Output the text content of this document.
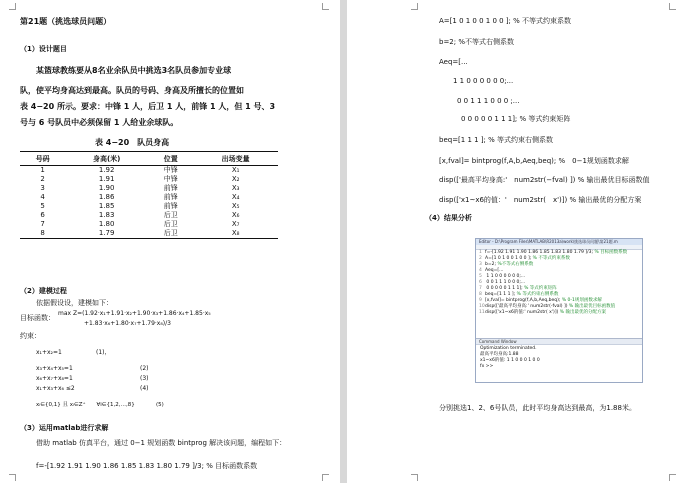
第21题（挑选球员问题）
（1）设计题目
某篮球教练要从8名业余队员中挑选3名队员参加专业球
队，使平均身高达到最高。队员的号码、身高及所擅长的位置如
表 4−20 所示。要求：中锋 1 人，后卫 1 人，前锋 1 人，但 1 号、3
号与 6 号队员中必须保留 1 人给业余球队。
表 4−20　队员身高
号码	身高(米)	位置	出场变量
1	1.92	中锋	X₁
2	1.91	中锋	X₂
3	1.90	前锋	X₃
4	1.86	前锋	X₄
5	1.85	前锋	X₅
6	1.83	后卫	X₆
7	1.80	后卫	X₇
8	1.79	后卫	X₈
（2）建模过程
依据假设设，建模如下：
目标函数：
max Z=(1.92·x₁+1.91·x₂+1.90·x₃+1.86·x₄+1.85·x₅
+1.83·x₆+1.80·x₇+1.79·x₈)/3
约束：
x₁+x₂=1	(1)，
x₃+x₄+x₅=1	(2)
x₆+x₇+x₈=1	(3)
x₁+x₃+x₆ ≤2	(4)
xᵢ∈{0,1} 且 xᵢ∈Z⁺　　∀i∈{1,2,…,8}	(5)
（3）运用matlab进行求解
借助 matlab 仿真平台，通过 0−1 规划函数 bintprog 解决该问题，编程如下：
f=-[1.92 1.91 1.90 1.86 1.85 1.83 1.80 1.79 ]/3; % 目标函数系数
A=[1 0 1 0 0 1 0 0 ]; % 不等式约束系数
b=2; %不等式右侧系数
Aeq=[...
1 1 0 0 0 0 0 0;...
0 0 1 1 1 0 0 0 ;...
0 0 0 0 0 1 1 1]; % 等式约束矩阵
beq=[1 1 1 ]; % 等式约束右侧系数
[x,fval]= bintprog(f,A,b,Aeq,beq); %　0−1规划函数求解
disp(['最高平均身高:'　num2str(−fval) ]) % 输出最优目标函数值
disp(['x1~x6的值：'　num2str(　x')]) % 输出最优的分配方案
（4）结果分析
分别挑选1、2、6号队员，此时平均身高达到最高，为1.88米。
Editor - D:\Program Files\MATLAB\R2013a\work\挑选球员问题\第21题.m
1 f=-[1.92 1.91 1.90 1.86 1.85 1.83 1.80 1.79 ]/3; % 目标函数系数
2 A=[1 0 1 0 0 1 0 0 ]; % 不等式约束系数
3 b=2; %不等式右侧系数
4 Aeq=[...
5 1 1 0 0 0 0 0 0;...
6 0 0 1 1 1 0 0 0;...
7 0 0 0 0 0 1 1 1]; % 等式约束矩阵
8 beq=[1 1 1 ]; % 等式约束右侧系数
9 [x,fval]= bintprog(f,A,b,Aeq,beq); % 0-1规划函数求解
10disp(['最高平均身高:' num2str(-fval) ]) % 输出最优目标函数值
11disp(['x1~x6的值:' num2str( x')]) % 输出最优的分配方案
Command Window
Optimization terminated.
最高平均身高:1.88
x1~x6的值: 1 1 0 0 0 1 0 0
fx >>
